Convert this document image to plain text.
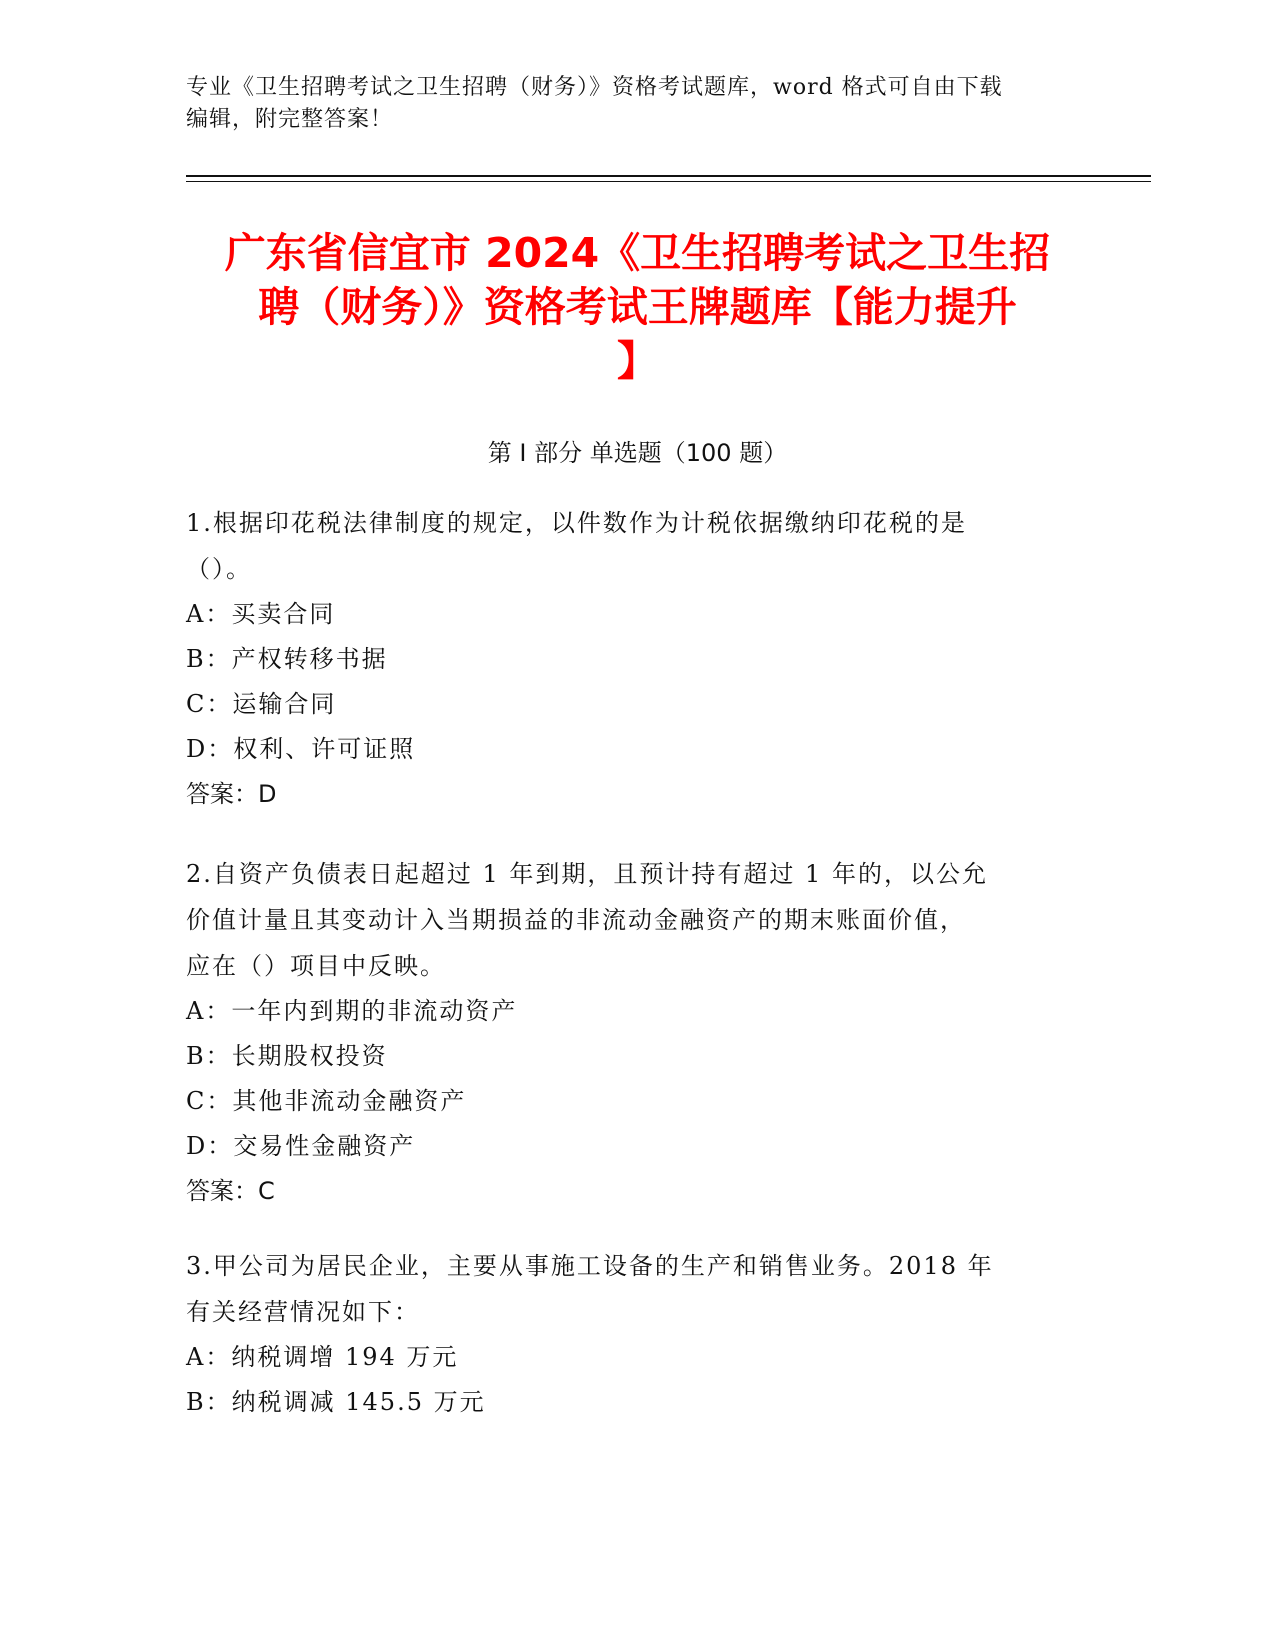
专业《卫生招聘考试之卫生招聘（财务）》资格考试题库，word 格式可自由下载
编辑，附完整答案！
广东省信宜市 2024《卫生招聘考试之卫生招
聘（财务）》资格考试王牌题库【能力提升
】
第 I 部分 单选题（100 题）
1.根据印花税法律制度的规定，以件数作为计税依据缴纳印花税的是
（）。
A：买卖合同
B：产权转移书据
C：运输合同
D：权利、许可证照
答案：D
2.自资产负债表日起超过 1 年到期，且预计持有超过 1 年的，以公允
价值计量且其变动计入当期损益的非流动金融资产的期末账面价值，
应在（）项目中反映。
A：一年内到期的非流动资产
B：长期股权投资
C：其他非流动金融资产
D：交易性金融资产
答案：C
3.甲公司为居民企业，主要从事施工设备的生产和销售业务。2018 年
有关经营情况如下：
A：纳税调增 194 万元
B：纳税调减 145.5 万元
